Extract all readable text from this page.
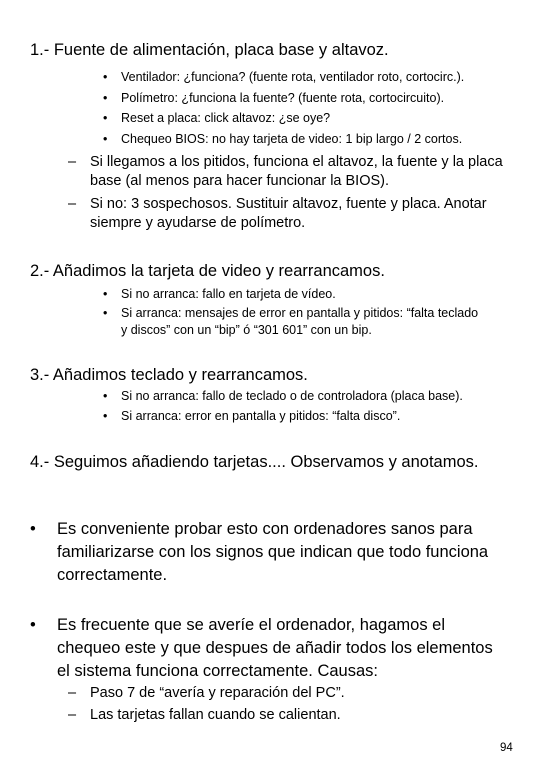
1.- Fuente de alimentación, placa base y altavoz.
• Ventilador: ¿funciona? (fuente rota, ventilador roto, cortocirc.).
• Polímetro: ¿funciona la fuente? (fuente rota, cortocircuito).
• Reset a placa: click altavoz: ¿se oye?
• Chequeo BIOS: no hay tarjeta de video: 1 bip largo / 2 cortos.
– Si llegamos a los pitidos, funciona el altavoz, la fuente y la placa base (al menos para hacer funcionar la BIOS).
– Si no: 3 sospechosos. Sustituir altavoz, fuente y placa. Anotar siempre y ayudarse de polímetro.
2.- Añadimos la tarjeta de video y rearrancamos.
• Si no arranca: fallo en tarjeta de vídeo.
• Si arranca: mensajes de error en pantalla y pitidos: “falta teclado y discos” con un “bip” ó “301 601” con un bip.
3.- Añadimos teclado y rearrancamos.
• Si no arranca: fallo de teclado o de controladora (placa base).
• Si arranca: error en pantalla y pitidos: “falta disco”.
4.- Seguimos añadiendo tarjetas.... Observamos y anotamos.
• Es conveniente probar esto con ordenadores sanos para familiarizarse con los signos que indican que todo funciona correctamente.
• Es frecuente que se averíe el ordenador, hagamos el chequeo este y que despues de añadir todos los elementos el sistema funciona correctamente. Causas:
– Paso 7 de “avería y reparación del PC”.
– Las tarjetas fallan cuando se calientan.
94
